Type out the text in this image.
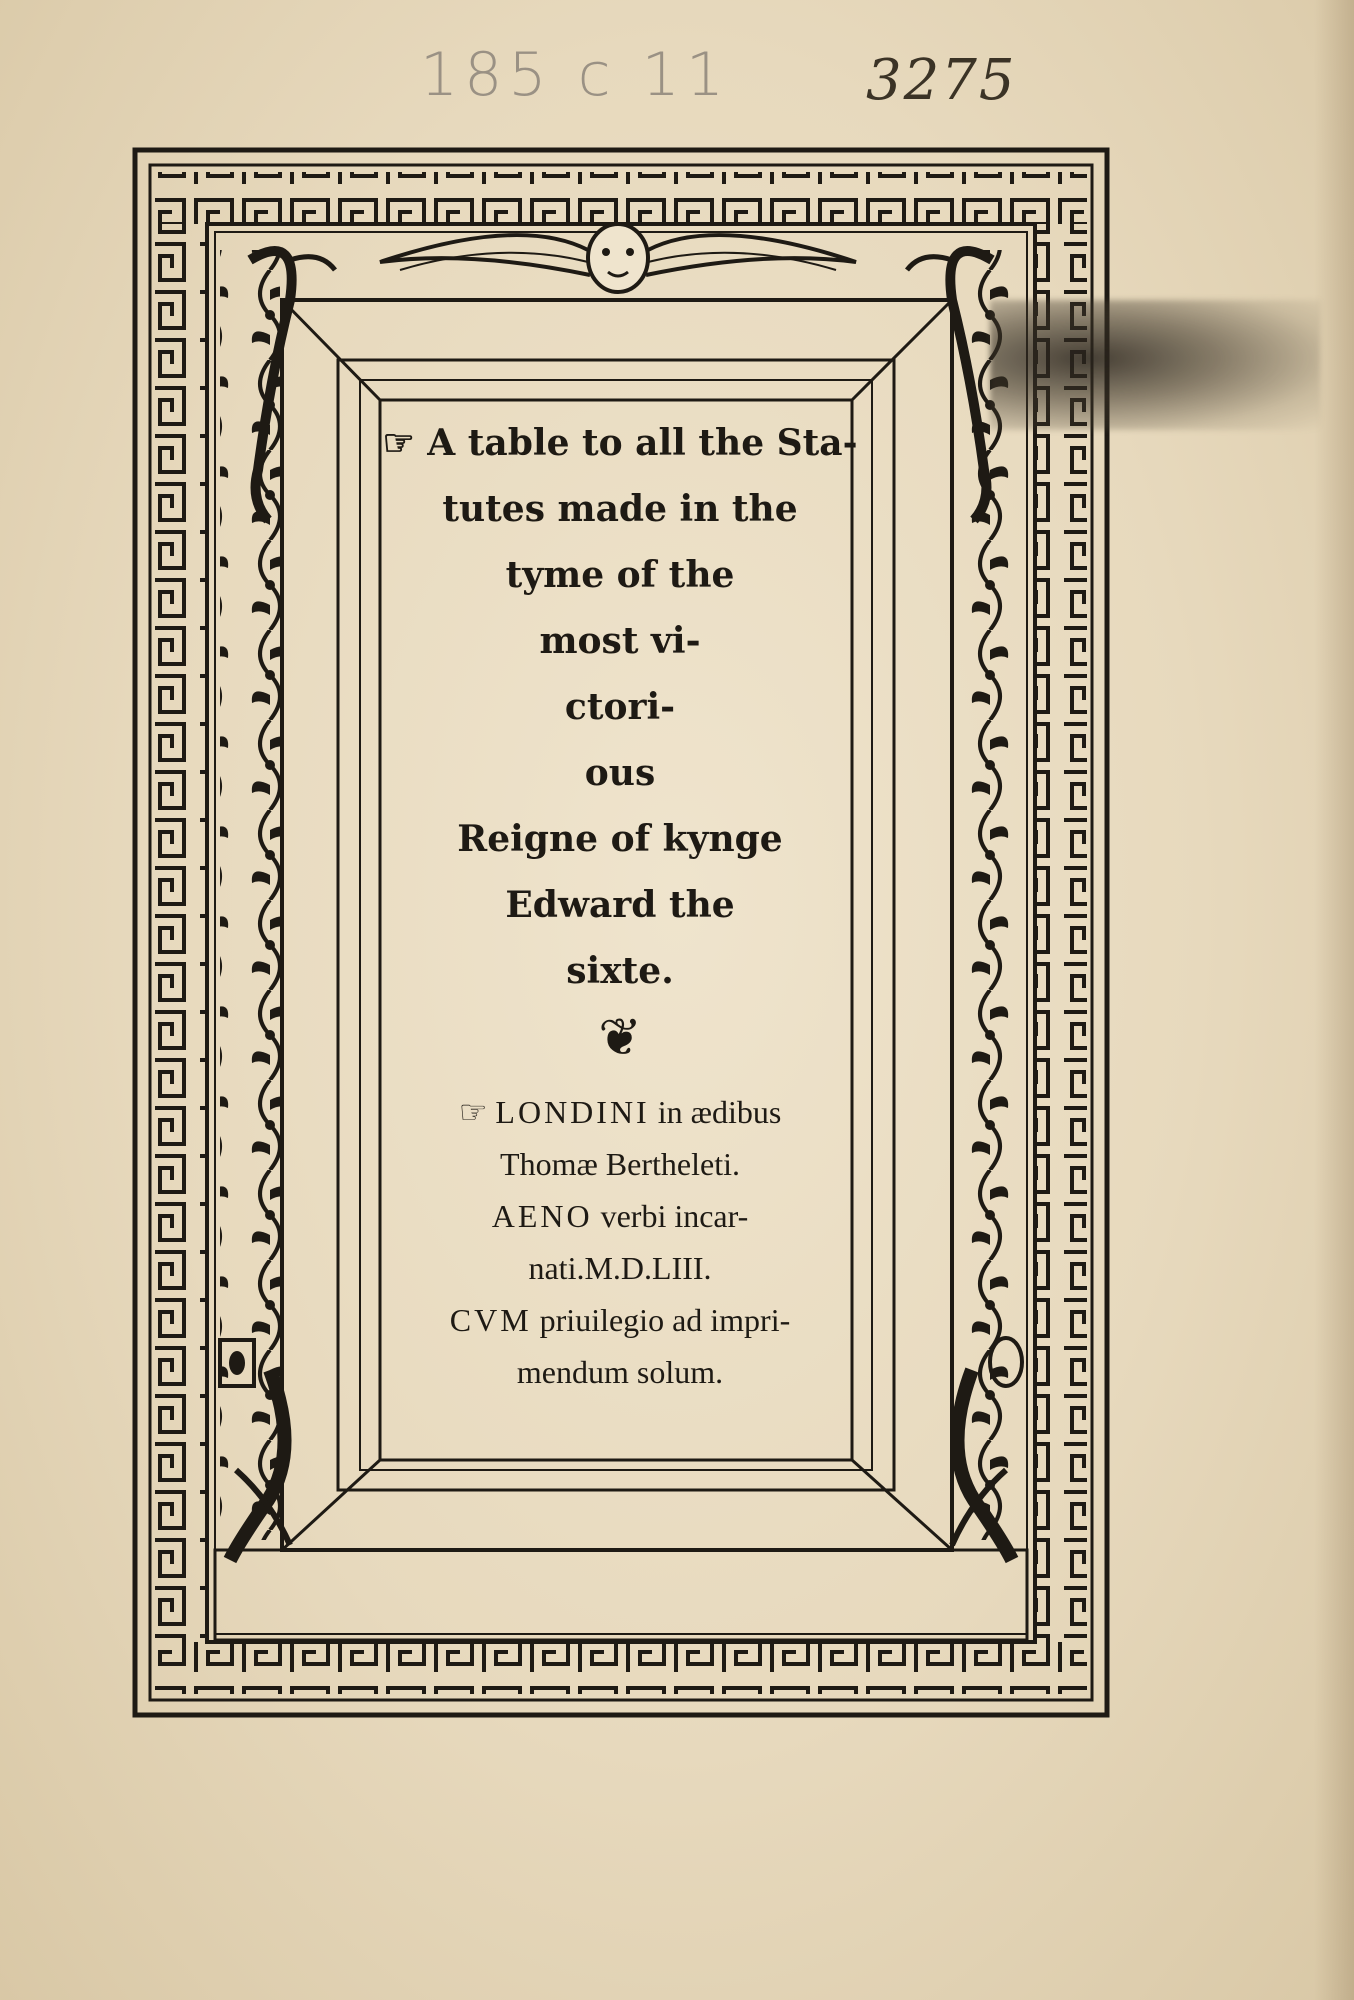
185 c 11 3275

☞ A table to all the Sta-

tutes made in the

tyme of the

most vi-

ctori-

ous

Reigne of kynge

Edward the

sixte.

❦

☞ LONDINI in ædibus

Thomæ Bertheleti.

AENO verbi incar-

nati.M.D.LIII.

CVM priuilegio ad impri-

mendum solum.
